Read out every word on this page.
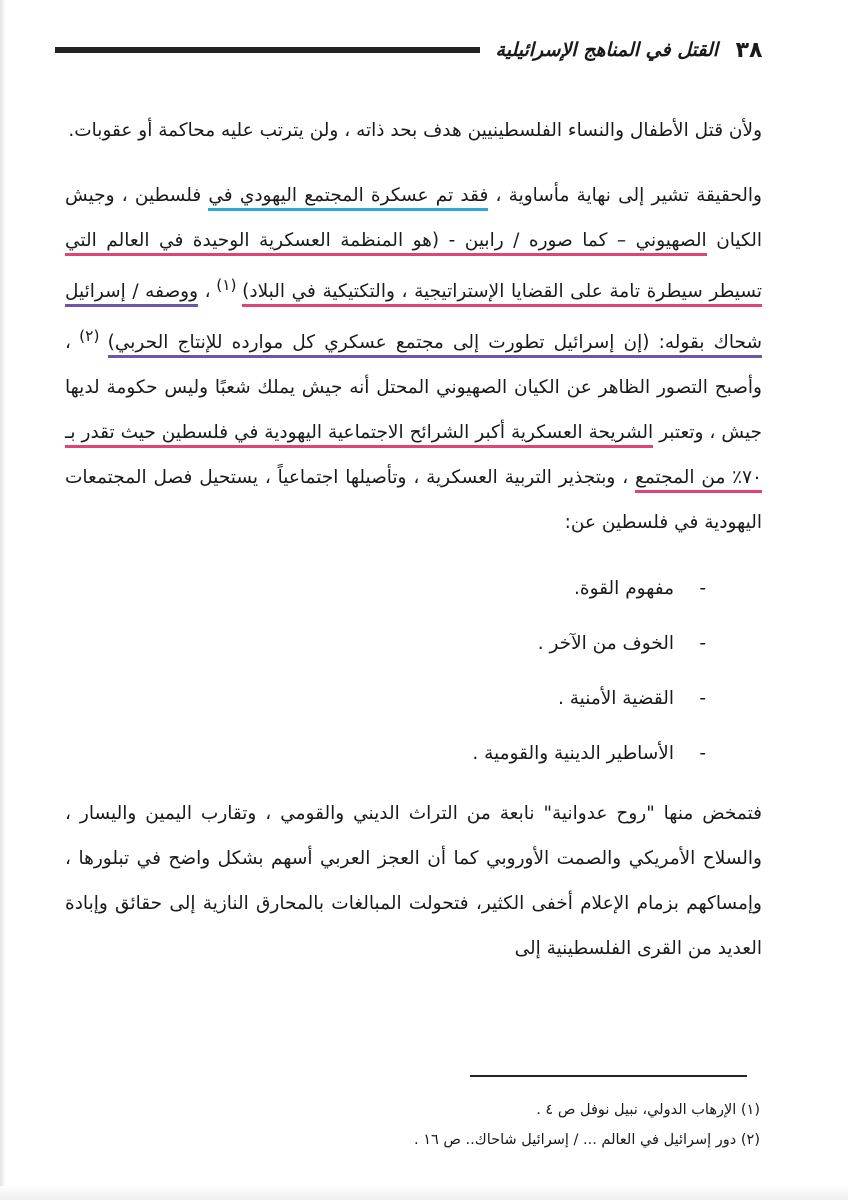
٣٨
القتل في المناهج الإسرائيلية

ولأن قتل الأطفال والنساء الفلسطينيين هدف بحد ذاته ، ولن يترتب عليه محاكمة أو عقوبات.

والحقيقة تشير إلى نهاية مأساوية ، فقد تم عسكرة المجتمع اليهودي في فلسطين ، وجيش الكيان الصهيوني – كما صوره / رابين - (هو المنظمة العسكرية الوحيدة في العالم التي تسيطر سيطرة تامة على القضايا الإستراتيجية ، والتكتيكية في البلاد) $^{(١)}$ ، ووصفه / إسرائيل شحاك بقوله: (إن إسرائيل تطورت إلى مجتمع عسكري كل موارده للإنتاج الحربي) $^{(٢)}$ ، وأصبح التصور الظاهر عن الكيان الصهيوني المحتل أنه جيش يملك شعبًا وليس حكومة لديها جيش ، وتعتبر الشريحة العسكرية أكبر الشرائح الاجتماعية اليهودية في فلسطين حيث تقدر بـ ٧٠٪ من المجتمع ، وبتجذير التربية العسكرية ، وتأصيلها اجتماعياً ، يستحيل فصل المجتمعات اليهودية في فلسطين عن:

-
مفهوم القوة.
-
الخوف من الآخر .
-
القضية الأمنية .
-
الأساطير الدينية والقومية .

فتمخض منها "روح عدوانية" نابعة من التراث الديني والقومي ، وتقارب اليمين واليسار ، والسلاح الأمريكي والصمت الأوروبي كما أن العجز العربي أسهم بشكل واضح في تبلورها ، وإمساكهم بزمام الإعلام أخفى الكثير، فتحولت المبالغات بالمحارق النازية إلى حقائق وإبادة العديد من القرى الفلسطينية إلى

(١) الإرهاب الدولي، نبيل نوفل ص ٤ .
(٢) دور إسرائيل في العالم ... / إسرائيل شاحاك.. ص ١٦ .
